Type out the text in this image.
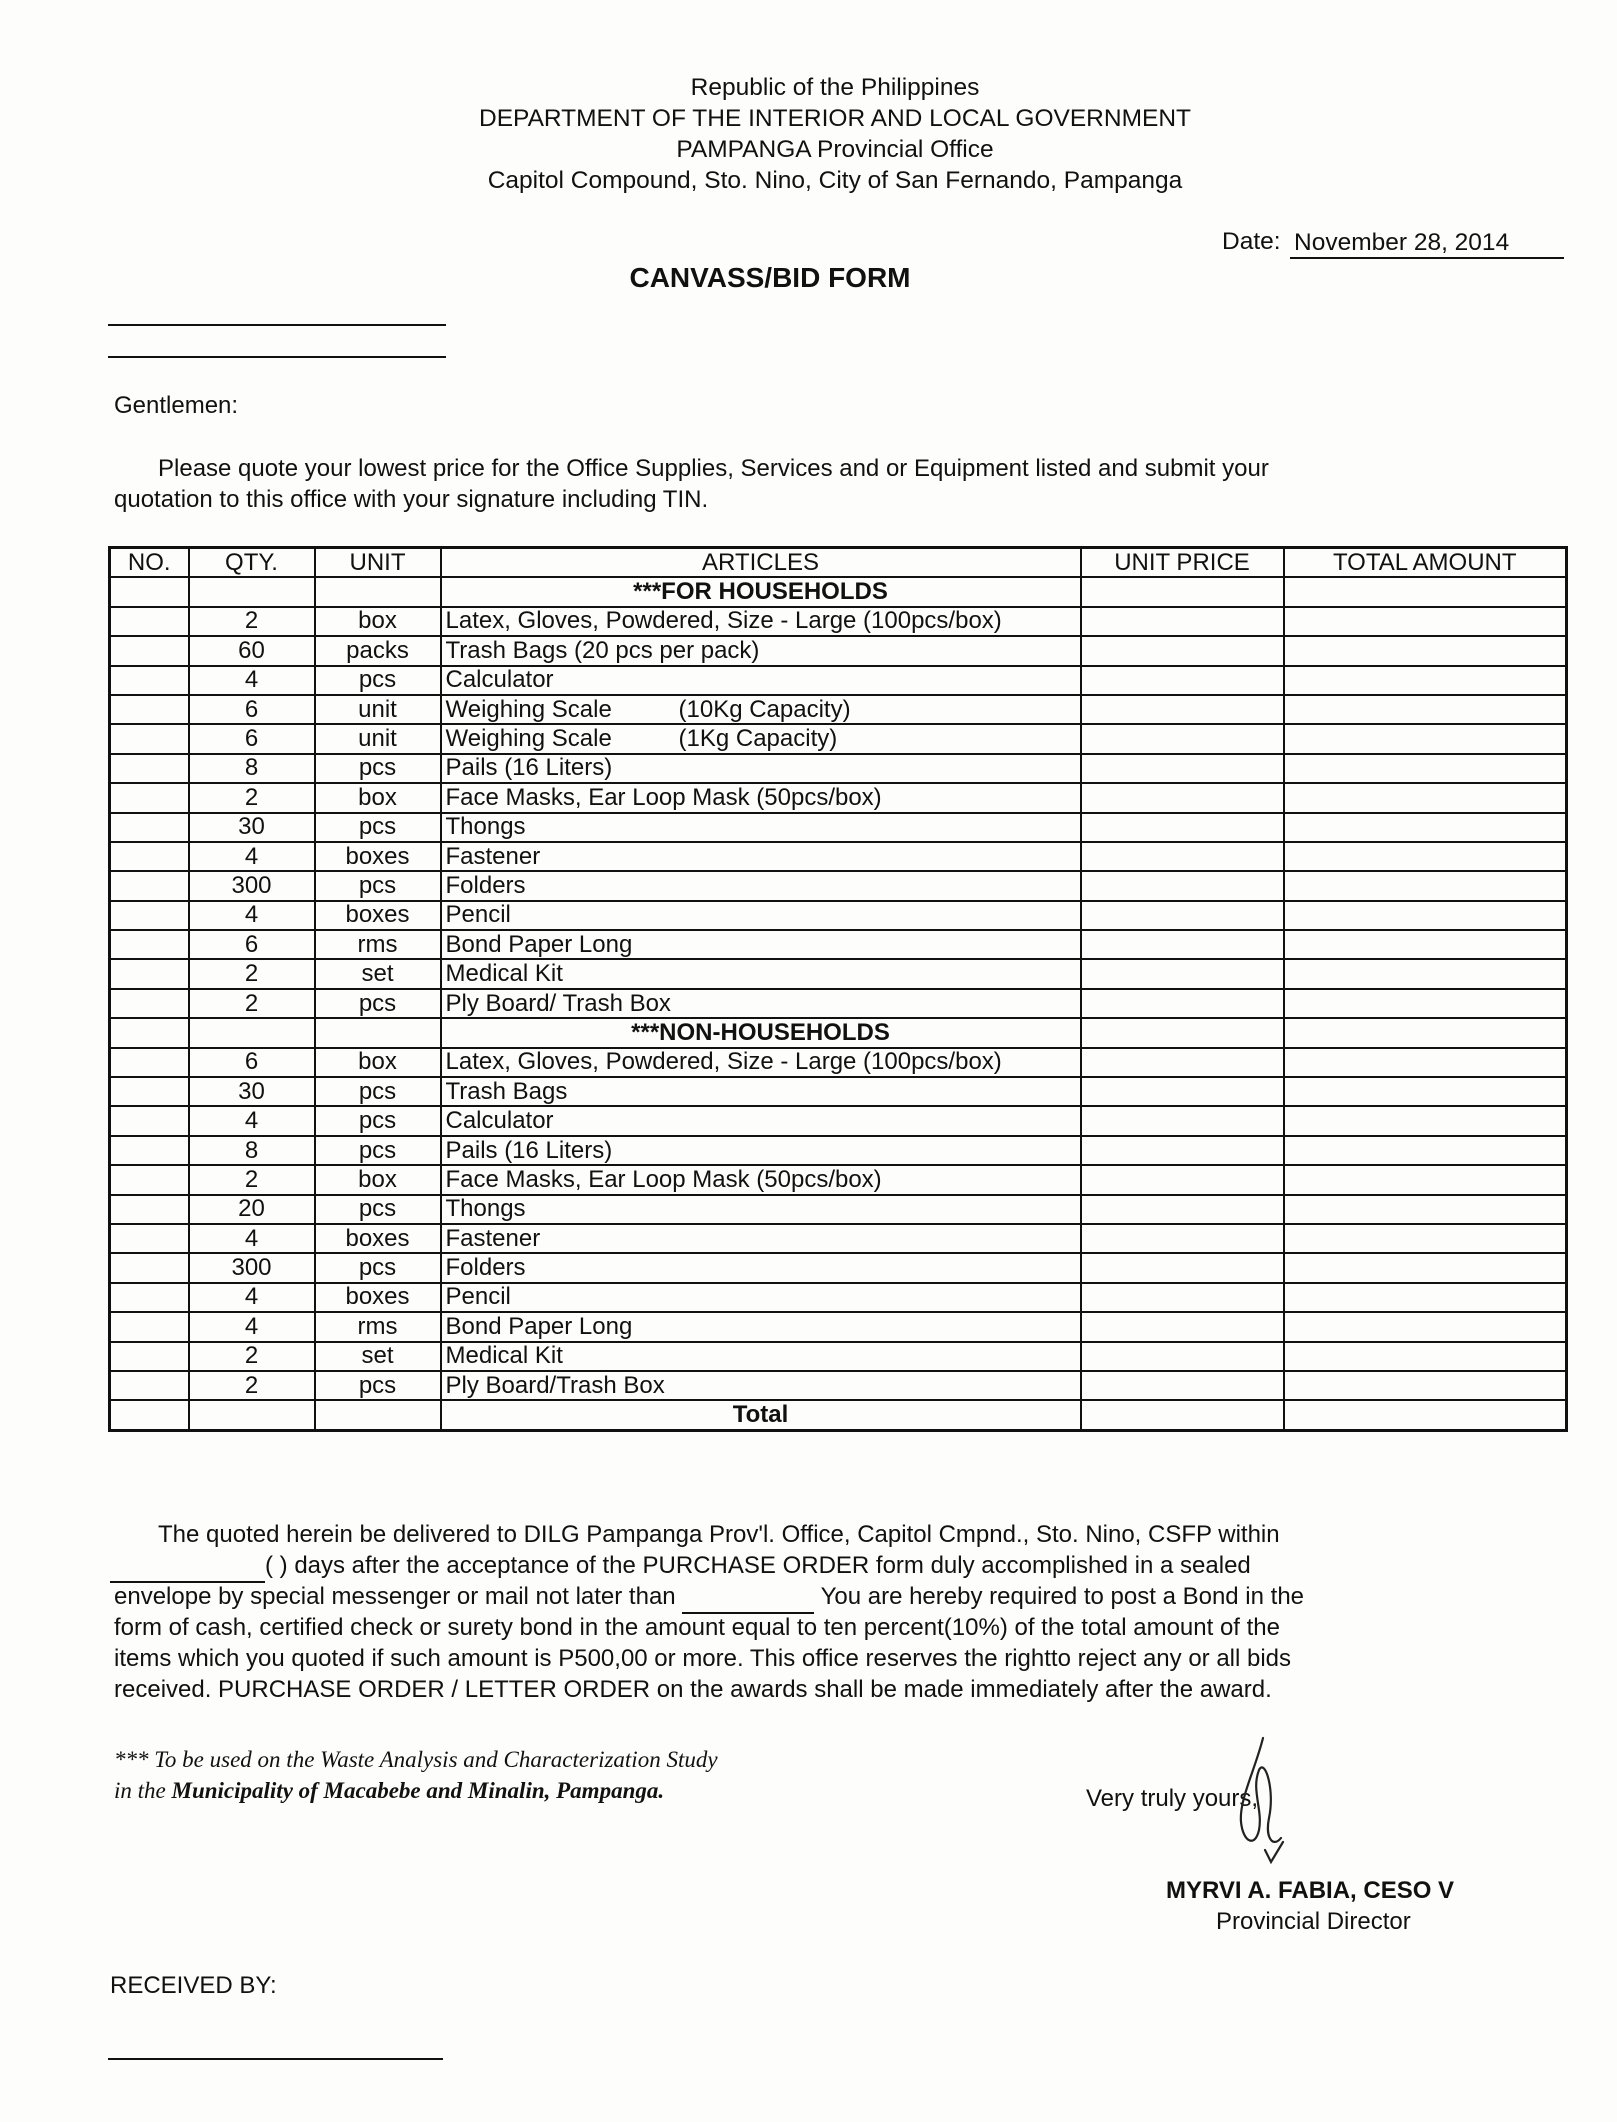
Republic of the Philippines
DEPARTMENT OF THE INTERIOR AND LOCAL GOVERNMENT
PAMPANGA Provincial Office
Capitol Compound, Sto. Nino, City of San Fernando, Pampanga
Date: November 28, 2014
CANVASS/BID FORM
Gentlemen:
Please quote your lowest price for the Office Supplies, Services and or Equipment listed and submit your
quotation to this office with your signature including TIN.
NO.	QTY.	UNIT	ARTICLES	UNIT PRICE	TOTAL AMOUNT
			***FOR HOUSEHOLDS		
	2	box	Latex, Gloves, Powdered, Size - Large (100pcs/box)		
	60	packs	Trash Bags (20 pcs per pack)		
	4	pcs	Calculator		
	6	unit	Weighing Scale          (10Kg Capacity)		
	6	unit	Weighing Scale          (1Kg Capacity)		
	8	pcs	Pails (16 Liters)		
	2	box	Face Masks, Ear Loop Mask (50pcs/box)		
	30	pcs	Thongs		
	4	boxes	Fastener		
	300	pcs	Folders		
	4	boxes	Pencil		
	6	rms	Bond Paper Long		
	2	set	Medical Kit		
	2	pcs	Ply Board/ Trash Box		
			***NON-HOUSEHOLDS		
	6	box	Latex, Gloves, Powdered, Size - Large (100pcs/box)		
	30	pcs	Trash Bags		
	4	pcs	Calculator		
	8	pcs	Pails (16 Liters)		
	2	box	Face Masks, Ear Loop Mask (50pcs/box)		
	20	pcs	Thongs		
	4	boxes	Fastener		
	300	pcs	Folders		
	4	boxes	Pencil		
	4	rms	Bond Paper Long		
	2	set	Medical Kit		
	2	pcs	Ply Board/Trash Box		
			Total		
The quoted herein be delivered to DILG Pampanga Prov'l. Office, Capitol Cmpnd., Sto. Nino, CSFP within
( ) days after the acceptance of the PURCHASE ORDER form duly accomplished in a sealed
envelope by special messenger or mail not later than	You are hereby required to post a Bond in the
form of cash, certified check or surety bond in the amount equal to ten percent(10%) of the total amount of the
items which you quoted if such amount is P500,00 or more. This office reserves the rightto reject any or all bids
received. PURCHASE ORDER / LETTER ORDER on the awards shall be made immediately after the award.
*** To be used on the Waste Analysis and Characterization Study
in the Municipality of Macabebe and Minalin, Pampanga.	Very truly yours,
MYRVI A. FABIA, CESO V
Provincial Director
RECEIVED BY:
